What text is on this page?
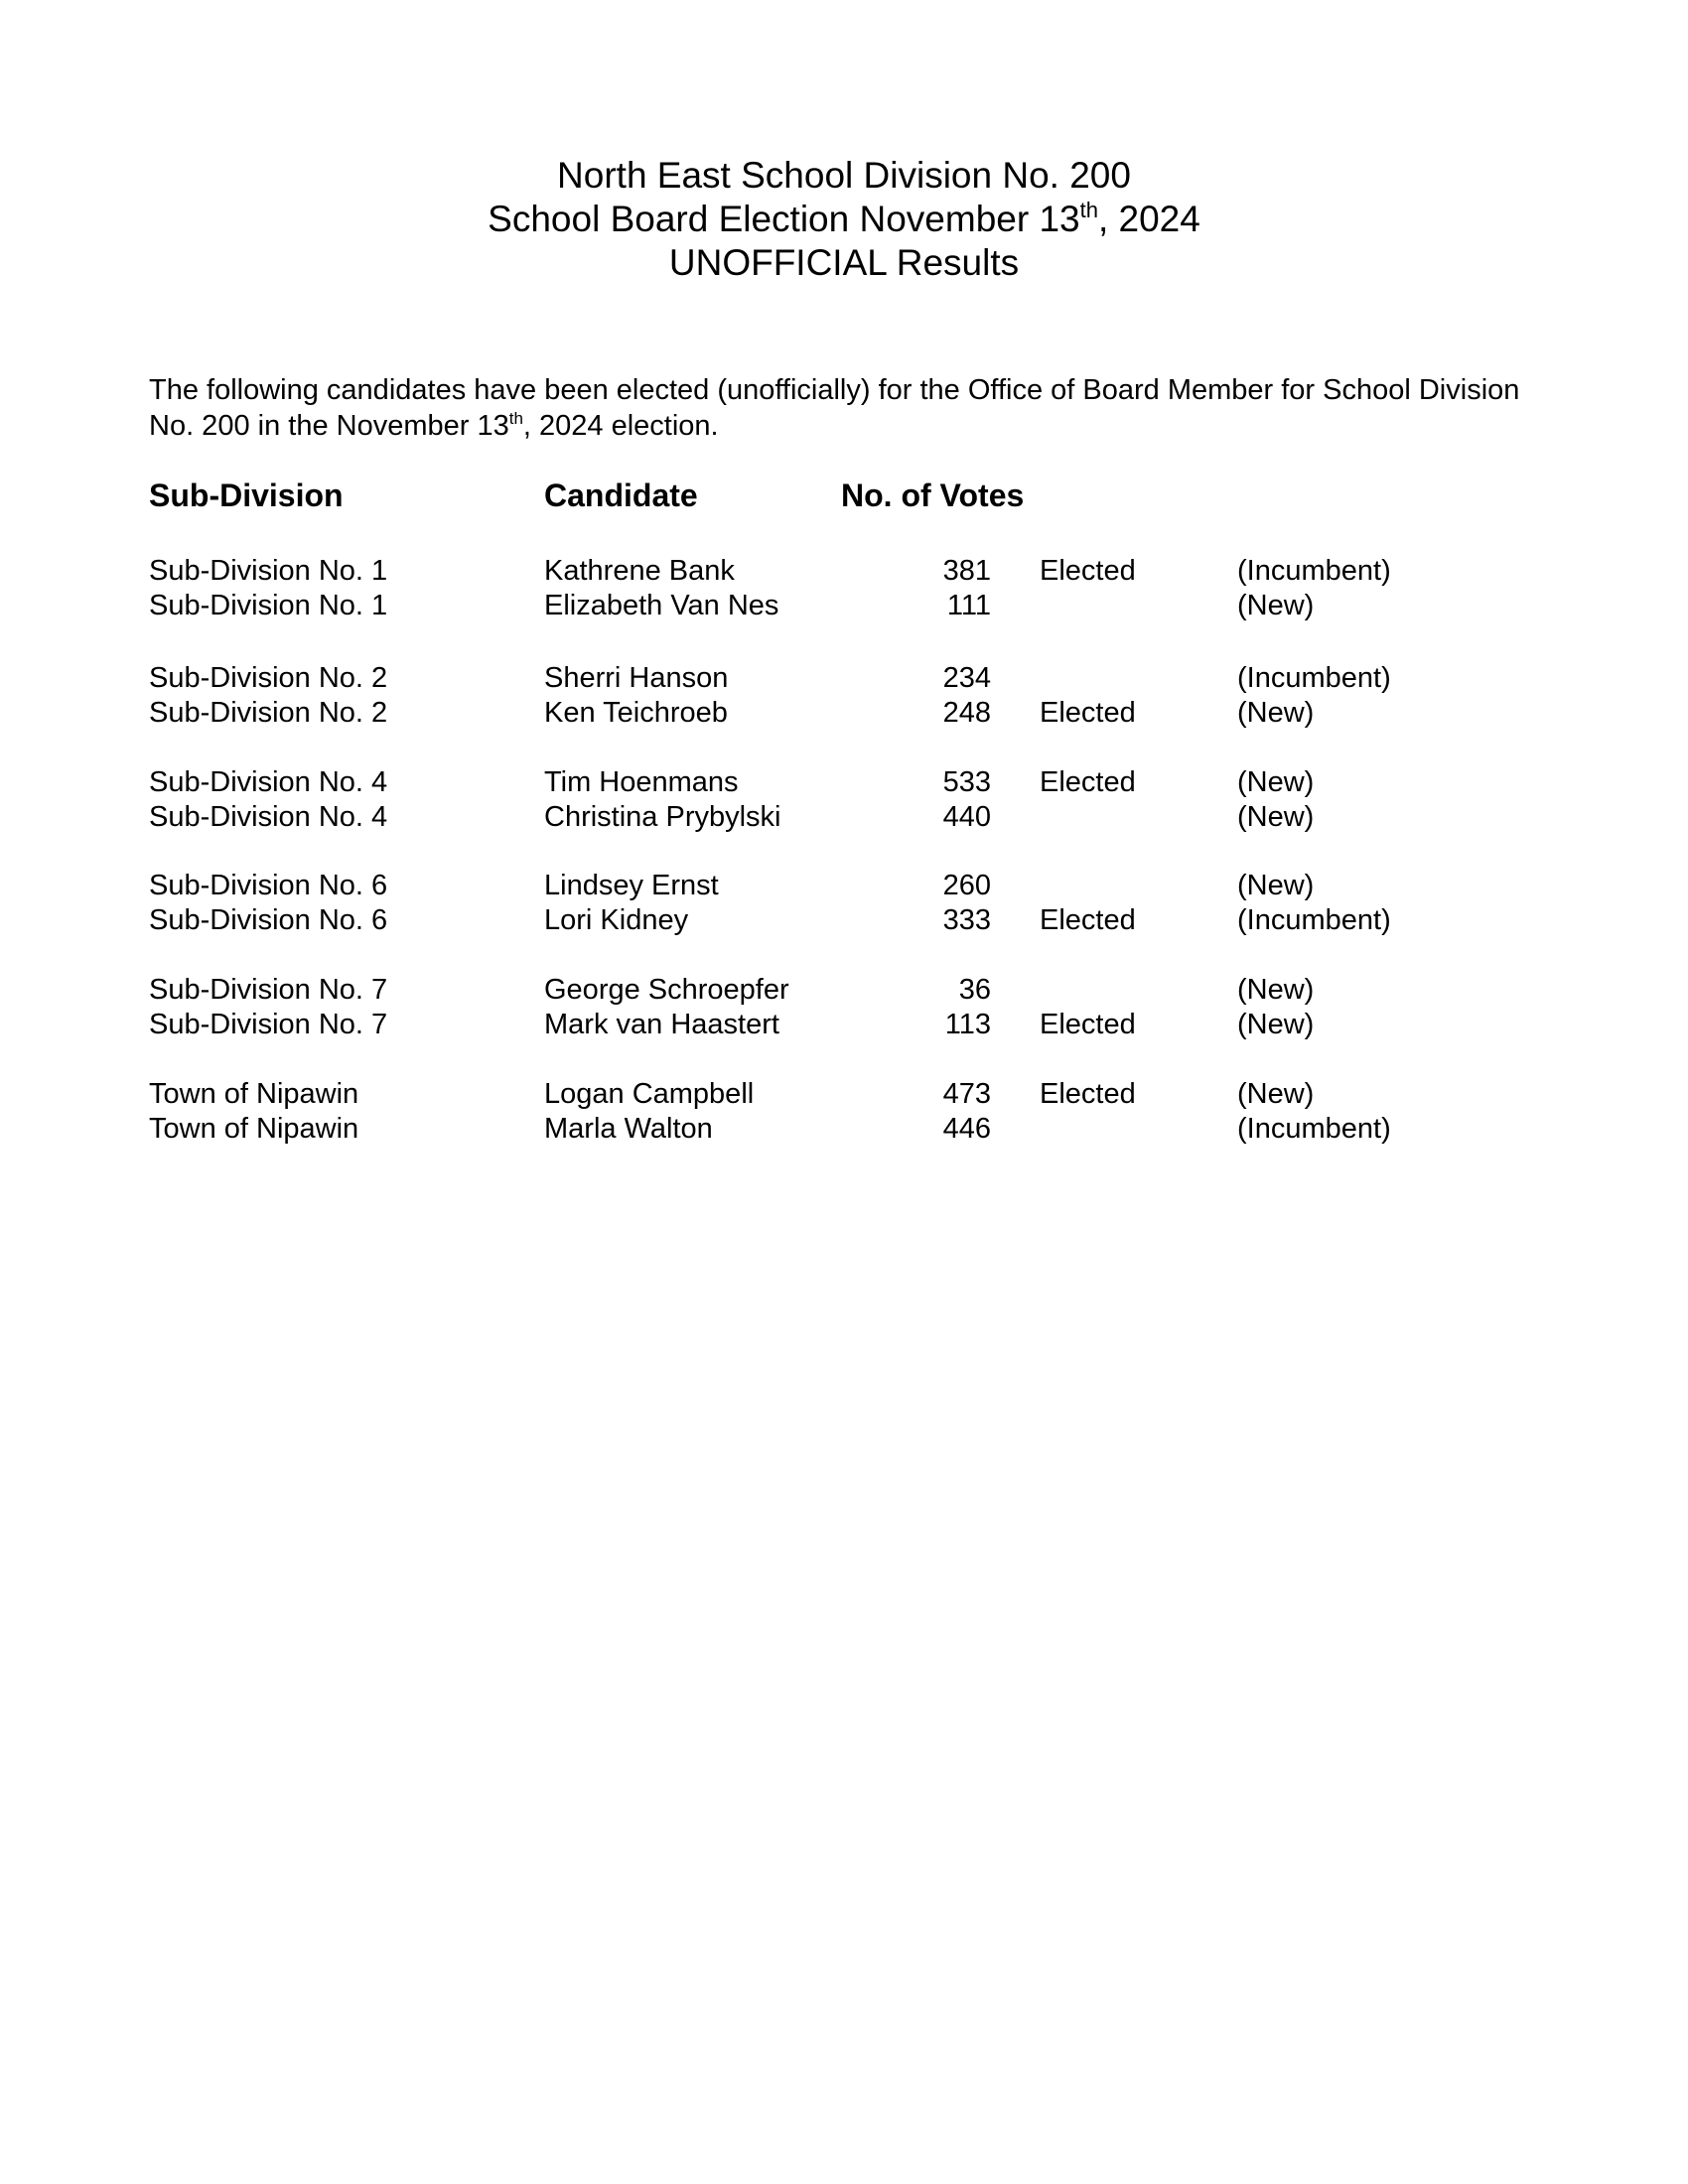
North East School Division No. 200
School Board Election November 13th, 2024
UNOFFICIAL Results
The following candidates have been elected (unofficially) for the Office of Board Member for School Division No. 200 in the November 13th, 2024 election.
Sub-Division	Candidate	No. of Votes
Sub-Division No. 1	Kathrene Bank	381 Elected	(Incumbent)
Sub-Division No. 1	Elizabeth Van Nes	111	(New)
Sub-Division No. 2	Sherri Hanson	234	(Incumbent)
Sub-Division No. 2	Ken Teichroeb	248 Elected	(New)
Sub-Division No. 4	Tim Hoenmans	533 Elected	(New)
Sub-Division No. 4	Christina Prybylski	440	(New)
Sub-Division No. 6	Lindsey Ernst	260	(New)
Sub-Division No. 6	Lori Kidney	333 Elected	(Incumbent)
Sub-Division No. 7	George Schroepfer	36	(New)
Sub-Division No. 7	Mark van Haastert	113 Elected	(New)
Town of Nipawin	Logan Campbell	473 Elected	(New)
Town of Nipawin	Marla Walton	446	(Incumbent)
